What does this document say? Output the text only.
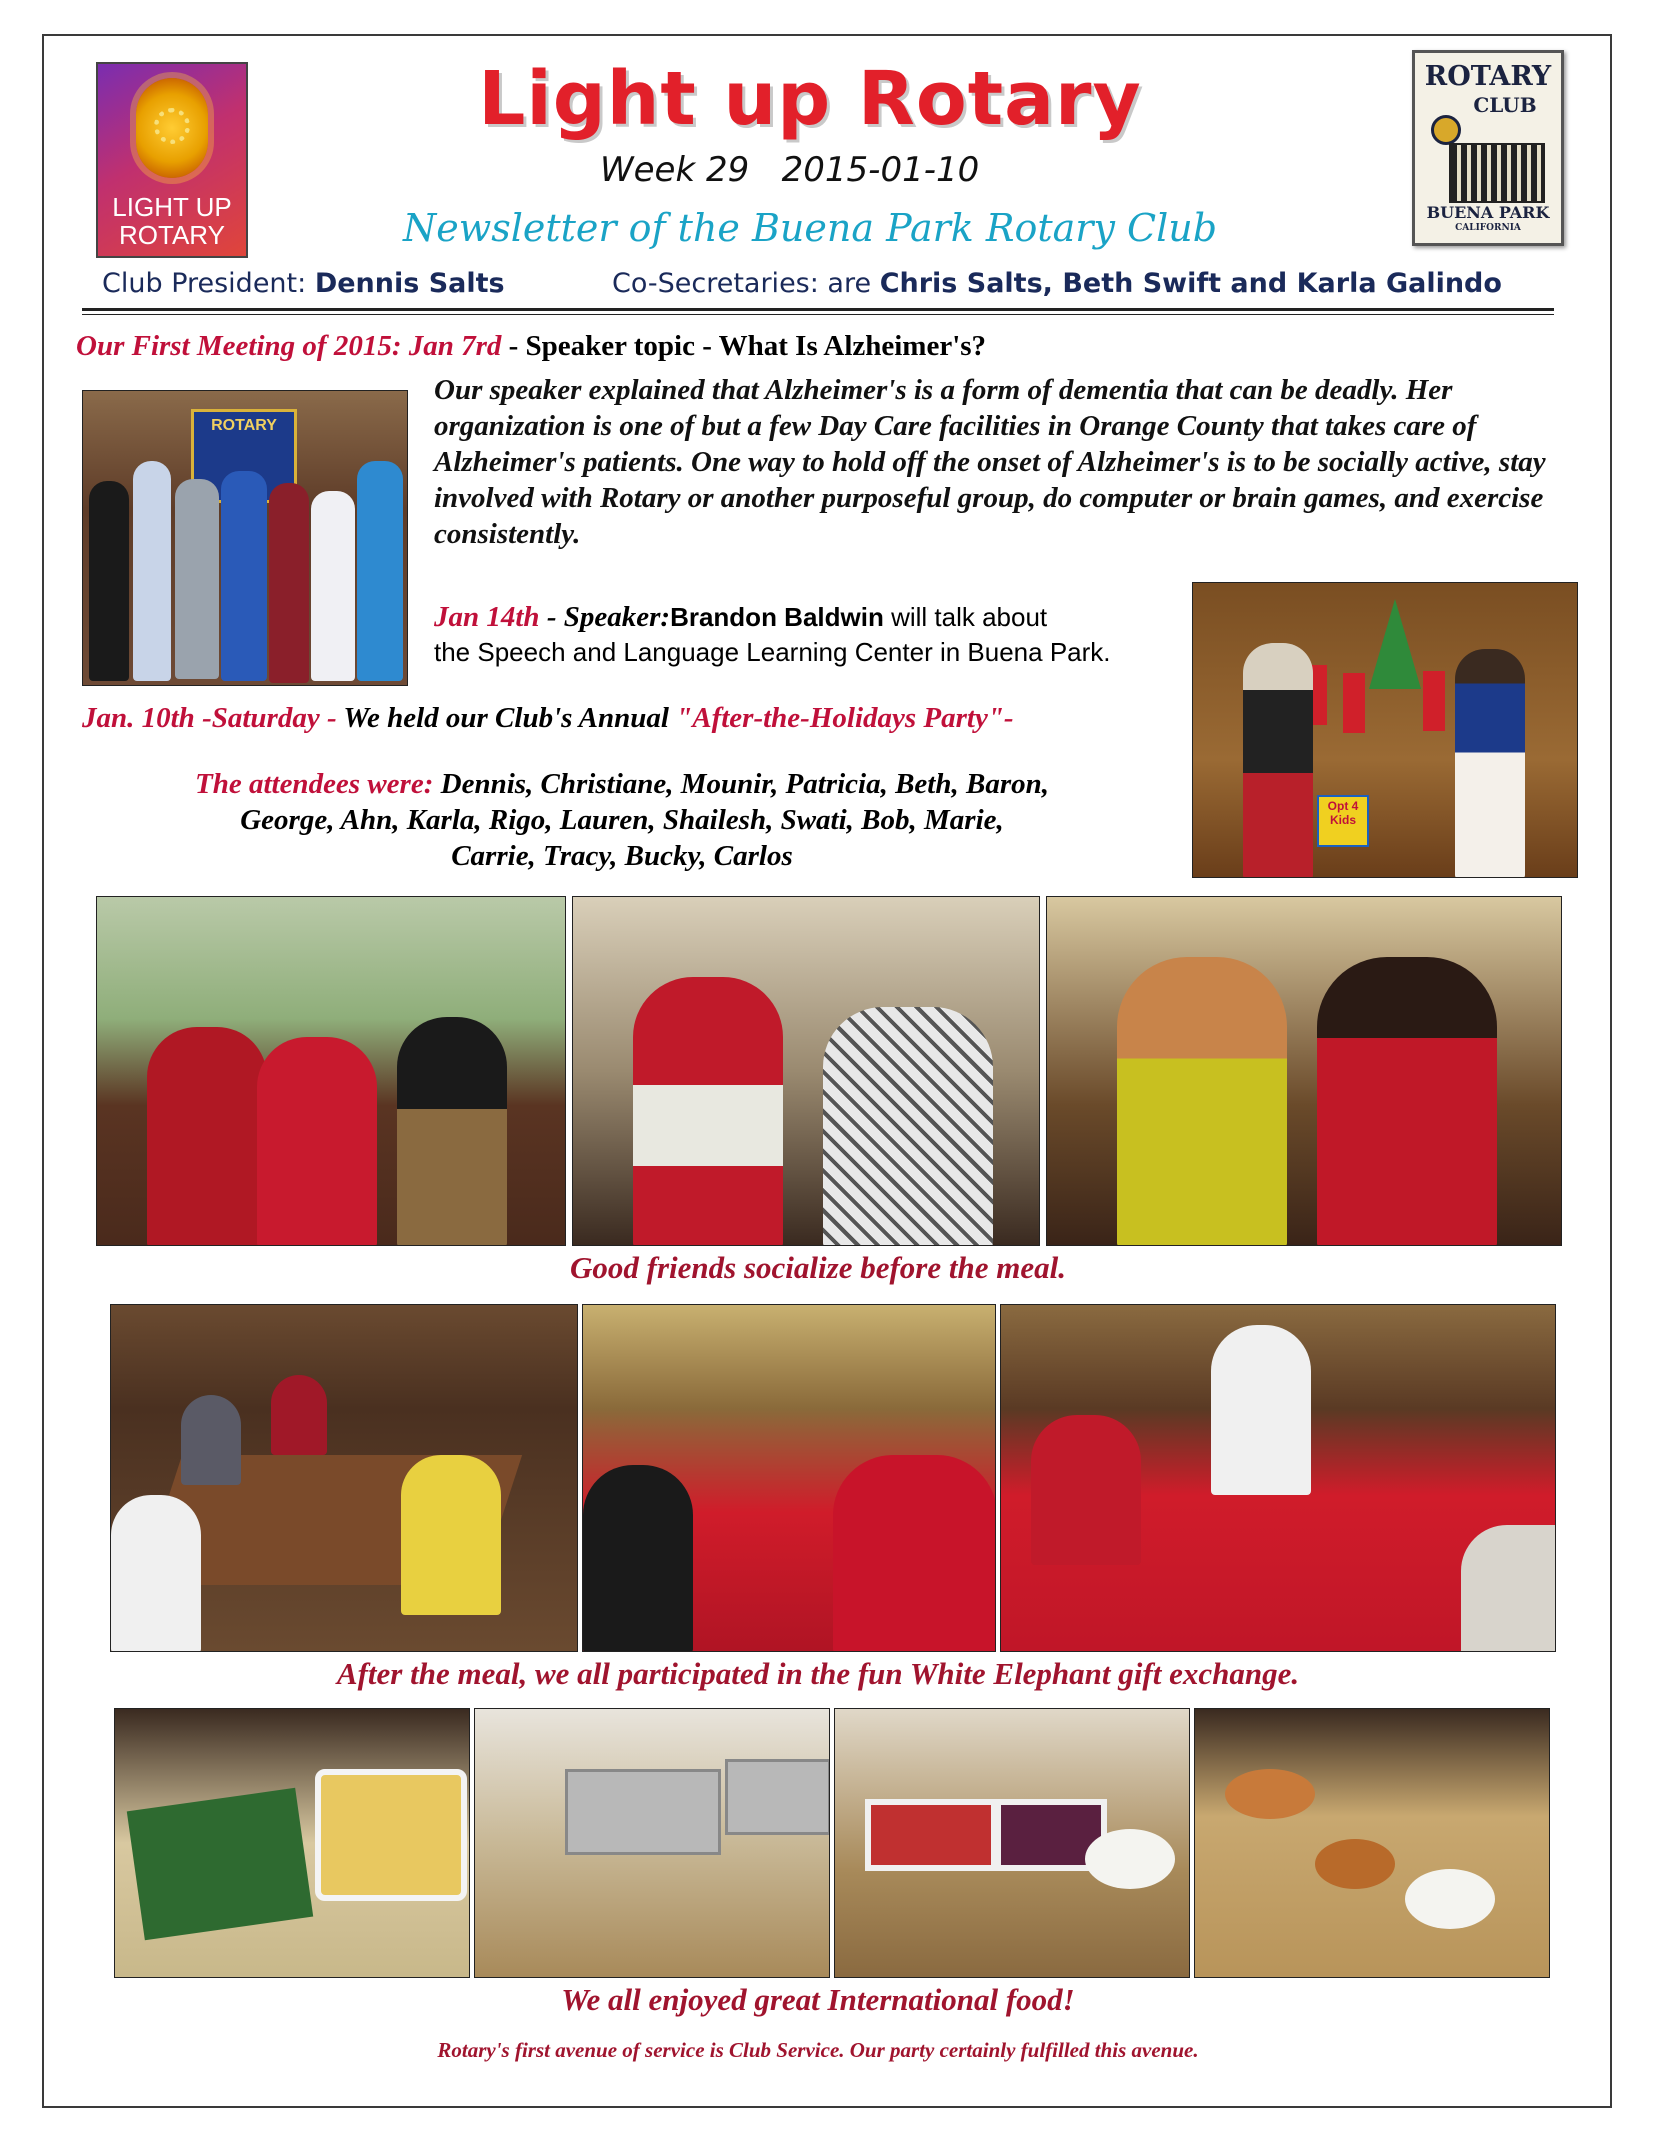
LIGHT UP
ROTARY
ROTARY
CLUB
BUENA PARK
CALIFORNIA
Light up Rotary
Week 29 2015-01-10
Newsletter of the Buena Park Rotary Club
Club President: Dennis Salts	Co-Secretaries: are Chris Salts, Beth Swift and Karla Galindo
Our First Meeting of 2015: Jan 7rd - Speaker topic - What Is Alzheimer's?
ROTARY
Our speaker explained that Alzheimer's is a form of dementia that can be deadly. Her organization is one of but a few Day Care facilities in Orange County that takes care of Alzheimer's patients. One way to hold off the onset of Alzheimer's is to be socially active, stay involved with Rotary or another purposeful group, do computer or brain games, and exercise consistently.
Jan 14th - Speaker:Brandon Baldwin will talk about
the Speech and Language Learning Center in Buena Park.
Opt 4
Kids
Jan. 10th -Saturday - We held our Club's Annual "After-the-Holidays Party"-
The attendees were: Dennis, Christiane, Mounir, Patricia, Beth, Baron,
George, Ahn, Karla, Rigo, Lauren, Shailesh, Swati, Bob, Marie,
Carrie, Tracy, Bucky, Carlos
Good friends socialize before the meal.
After the meal, we all participated in the fun White Elephant gift exchange.
We all enjoyed great International food!
Rotary's first avenue of service is Club Service. Our party certainly fulfilled this avenue.
